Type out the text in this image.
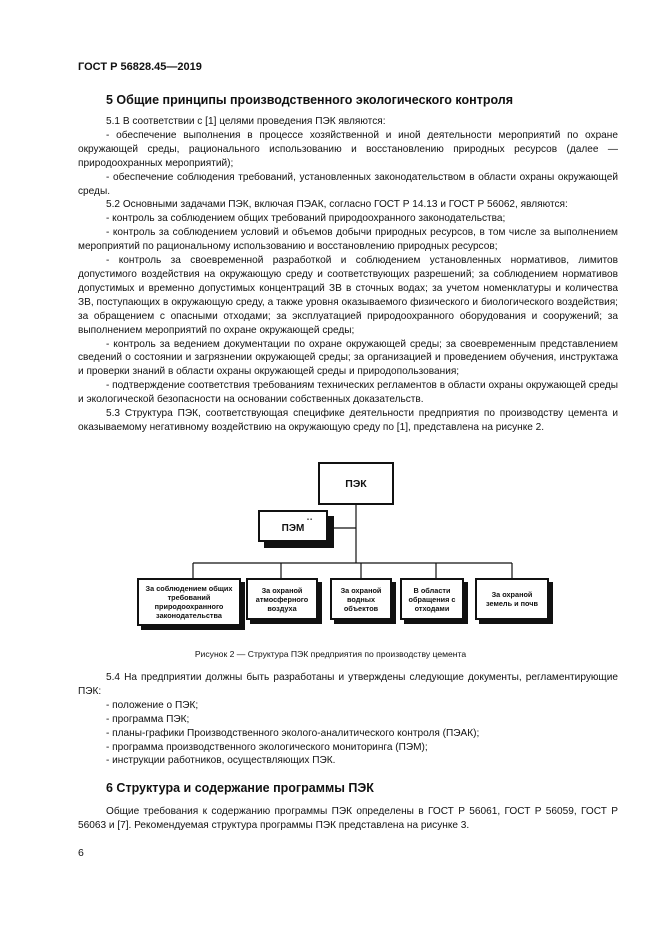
ГОСТ Р 56828.45—2019
5 Общие принципы производственного экологического контроля

5.1 В соответствии с [1] целями проведения ПЭК являются:

- обеспечение выполнения в процессе хозяйственной и иной деятельности мероприятий по охране окружающей среды, рационального использованию и восстановлению природных ресурсов (далее — природоохранных мероприятий);

- обеспечение соблюдения требований, установленных законодательством в области охраны окружающей среды.

5.2 Основными задачами ПЭК, включая ПЭАК, согласно ГОСТ Р 14.13 и ГОСТ Р 56062, являются:

- контроль за соблюдением общих требований природоохранного законодательства;

- контроль за соблюдением условий и объемов добычи природных ресурсов, в том числе за выполнением мероприятий по рациональному использованию и восстановлению природных ресурсов;

- контроль за своевременной разработкой и соблюдением установленных нормативов, лимитов допустимого воздействия на окружающую среду и соответствующих разрешений; за соблюдением нормативов допустимых и временно допустимых концентраций ЗВ в сточных водах; за учетом номенклатуры и количества ЗВ, поступающих в окружающую среду, а также уровня оказываемого физического и биологического воздействия; за обращением с опасными отходами; за эксплуатацией природоохранного оборудования и сооружений; за выполнением мероприятий по охране окружающей среды;

- контроль за ведением документации по охране окружающей среды; за своевременным представлением сведений о состоянии и загрязнении окружающей среды; за организацией и проведением обучения, инструктажа и проверки знаний в области охраны окружающей среды и природопользования;

- подтверждение соответствия требованиям технических регламентов в области охраны окружающей среды и экологической безопасности на основании собственных доказательств.

5.3 Структура ПЭК, соответствующая специфике деятельности предприятия по производству цемента и оказываемому негативному воздействию на окружающую среду по [1], представлена на рисунке 2.

ПЭК
• •
ПЭМ
За соблюдением общих требований природоохранного законодательства
За охраной атмосферного воздуха
За охраной водных объектов
В области обращения с отходами
За охраной земель и почв
Рисунок 2 — Структура ПЭК предприятия по производству цемента

5.4 На предприятии должны быть разработаны и утверждены следующие документы, регламентирующие ПЭК:

- положение о ПЭК;

- программа ПЭК;

- планы-графики Производственного эколого-аналитического контроля (ПЭАК);

- программа производственного экологического мониторинга (ПЭМ);

- инструкции работников, осуществляющих ПЭК.

6 Структура и содержание программы ПЭК

Общие требования к содержанию программы ПЭК определены в ГОСТ Р 56061, ГОСТ Р 56059, ГОСТ Р 56063 и [7]. Рекомендуемая структура программы ПЭК представлена на рисунке 3.

6
